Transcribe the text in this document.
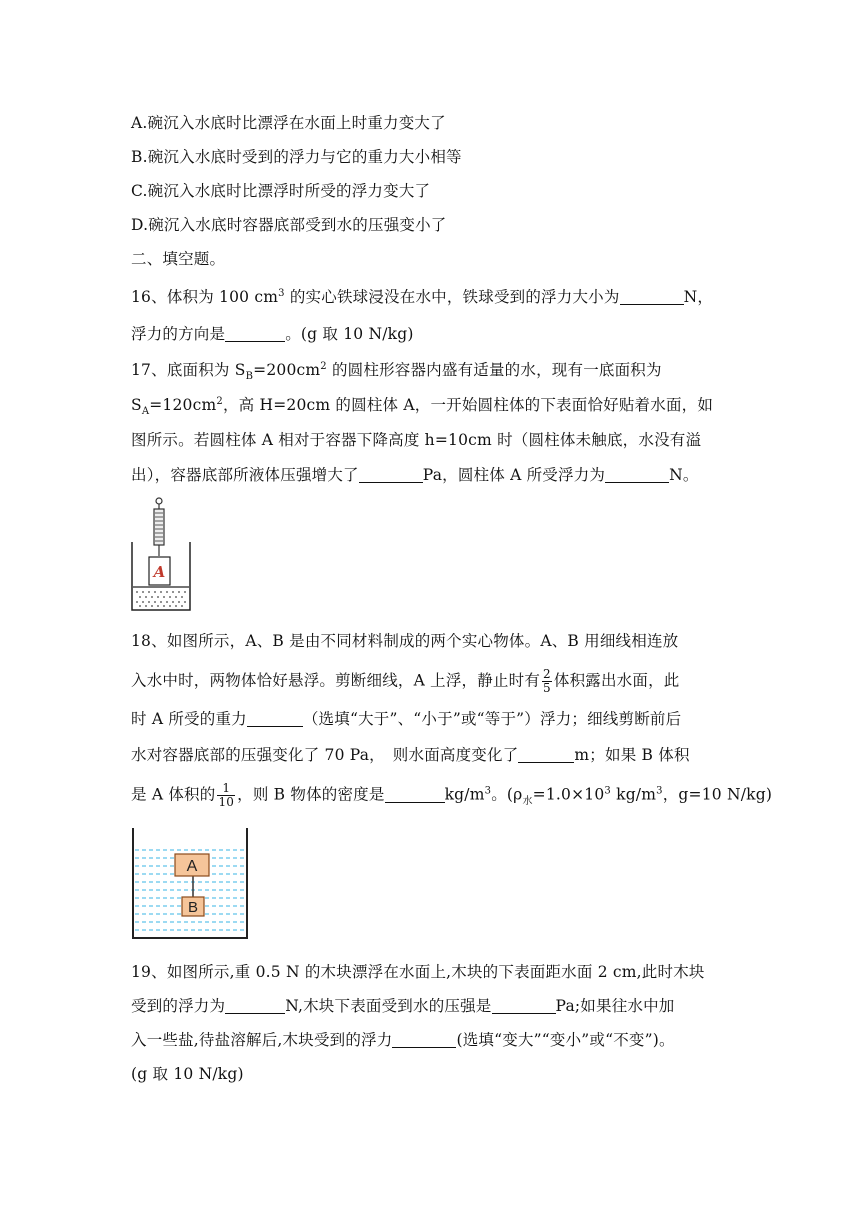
A.碗沉入水底时比漂浮在水面上时重力变大了
B.碗沉入水底时受到的浮力与它的重力大小相等
C.碗沉入水底时比漂浮时所受的浮力变大了
D.碗沉入水底时容器底部受到水的压强变小了
二、填空题。
16、体积为 100 $cm^3$ 的实心铁球浸没在水中，铁球受到的浮力大小为	N，
浮力的方向是	。(g 取 10 N/kg)
17、底面积为 $S_B=200cm^2$ 的圆柱形容器内盛有适量的水，现有一底面积为
$S_A=120cm^2$，高 H=20cm 的圆柱体 A，一开始圆柱体的下表面恰好贴着水面，如
图所示。若圆柱体 A 相对于容器下降高度 h=10cm 时（圆柱体未触底，水没有溢
出），容器底部所液体压强增大了	Pa，圆柱体 A 所受浮力为	N。
A
18、如图所示，A、B 是由不同材料制成的两个实心物体。A、B 用细线相连放
入水中时，两物体恰好悬浮。剪断细线，A 上浮，静止时有 $\frac{2}{5}$ 体积露出水面，此
时 A 所受的重力	（选填“大于”、“小于”或“等于”）浮力；细线剪断前后
水对容器底部的压强变化了 70 Pa，　则水面高度变化了	m；如果 B 体积
是 A 体积的 $\frac{1}{10}$ ，则 B 物体的密度是	$kg/m^3$。($\rho_水=1.0\times 10^3$ $kg/m^3$，g=10 N/kg)
A
B
19、如图所示,重 0.5 N 的木块漂浮在水面上,木块的下表面距水面 2 cm,此时木块
受到的浮力为	N,木块下表面受到水的压强是	Pa;如果往水中加
入一些盐,待盐溶解后,木块受到的浮力	(选填“变大”“变小”或“不变”)。
(g 取 10 N/kg)
